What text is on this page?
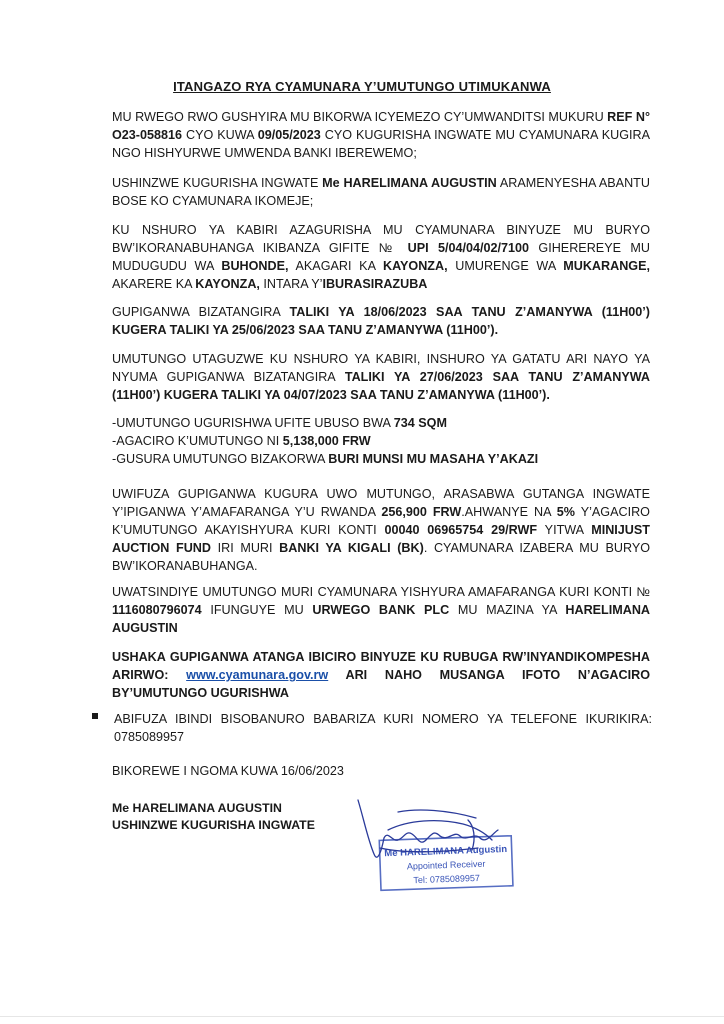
ITANGAZO RYA CYAMUNARA Y’UMUTUNGO UTIMUKANWA

MU RWEGO RWO GUSHYIRA MU BIKORWA ICYEMEZO CY’UMWANDITSI MUKURU REF N° O23-058816 CYO KUWA 09/05/2023 CYO KUGURISHA INGWATE MU CYAMUNARA KUGIRA NGO HISHYURWE UMWENDA BANKI IBEREWEMO;

USHINZWE KUGURISHA INGWATE Me HARELIMANA AUGUSTIN ARAMENYESHA ABANTU BOSE KO CYAMUNARA IKOMEJE;

KU NSHURO YA KABIRI AZAGURISHA MU CYAMUNARA BINYUZE MU BURYO BW’IKORANABUHANGA IKIBANZA GIFITE № UPI 5/04/04/02/7100 GIHEREREYE MU MUDUGUDU WA BUHONDE, AKAGARI KA KAYONZA, UMURENGE WA MUKARANGE, AKARERE KA KAYONZA, INTARA Y’IBURASIRAZUBA

GUPIGANWA BIZATANGIRA TALIKI YA 18/06/2023 SAA TANU Z’AMANYWA (11H00’) KUGERA TALIKI YA 25/06/2023 SAA TANU Z’AMANYWA (11H00’).

UMUTUNGO UTAGUZWE KU NSHURO YA KABIRI, INSHURO YA GATATU ARI NAYO YA NYUMA GUPIGANWA BIZATANGIRA TALIKI YA 27/06/2023 SAA TANU Z’AMANYWA (11H00’) KUGERA TALIKI YA 04/07/2023 SAA TANU Z’AMANYWA (11H00’).

-UMUTUNGO UGURISHWA UFITE UBUSO BWA 734 SQM
-AGACIRO K’UMUTUNGO NI 5,138,000 FRW
-GUSURA UMUTUNGO BIZAKORWA BURI MUNSI MU MASAHA Y’AKAZI

UWIFUZA GUPIGANWA KUGURA UWO MUTUNGO, ARASABWA GUTANGA INGWATE Y’IPIGANWA Y’AMAFARANGA Y’U RWANDA 256,900 FRW.AHWANYE NA 5% Y’AGACIRO K’UMUTUNGO AKAYISHYURA KURI KONTI 00040 06965754 29/RWF YITWA MINIJUST AUCTION FUND IRI MURI BANKI YA KIGALI (BK). CYAMUNARA IZABERA MU BURYO BW’IKORANABUHANGA.

UWATSINDIYE UMUTUNGO MURI CYAMUNARA YISHYURA AMAFARANGA KURI KONTI № 1116080796074 IFUNGUYE MU URWEGO BANK PLC MU MAZINA YA HARELIMANA AUGUSTIN

USHAKA GUPIGANWA ATANGA IBICIRO BINYUZE KU RUBUGA RW’INYANDIKOMPESHA ARIRWO: www.cyamunara.gov.rw ARI NAHO MUSANGA IFOTO N’AGACIRO BY’UMUTUNGO UGURISHWA

ABIFUZA IBINDI BISOBANURO BABARIZA KURI NOMERO YA TELEFONE IKURIKIRA: 0785089957
BIKOREWE I NGOMA KUWA 16/06/2023
Me HARELIMANA AUGUSTIN
USHINZWE KUGURISHA INGWATE
Me HARELIMANA Augustin
Appointed Receiver
Tel: 0785089957
